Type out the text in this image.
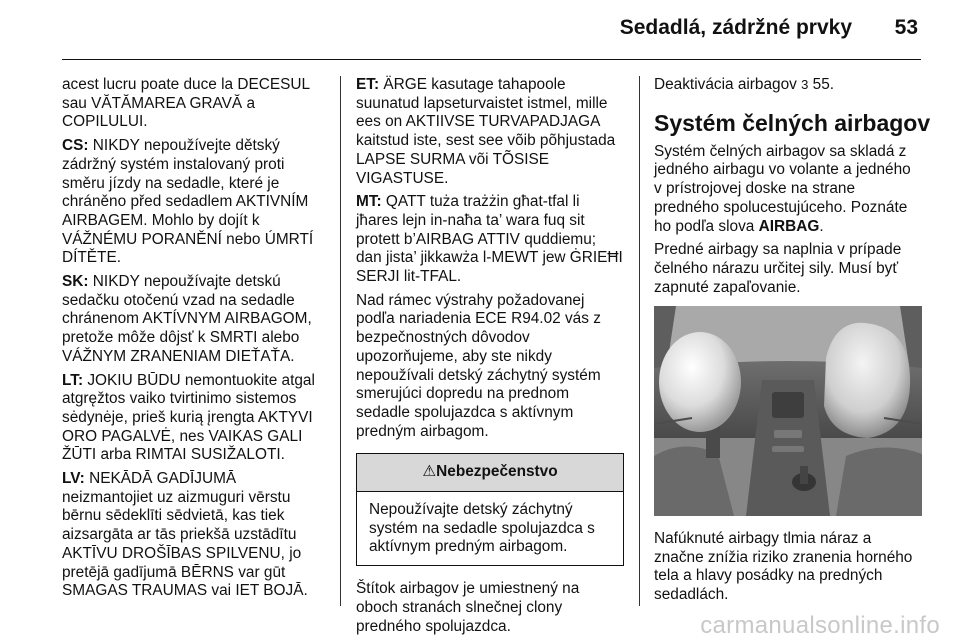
Sedadlá, zádržné prvky 53

acest lucru poate duce la DECESUL sau VĂTĂMAREA GRAVĂ a COPILULUI.

CS: NIKDY nepoužívejte dětský zádržný systém instalovaný proti směru jízdy na sedadle, které je chráněno před sedadlem AKTIVNÍM AIRBAGEM. Mohlo by dojít k VÁŽNÉMU PORANĚNÍ nebo ÚMRTÍ DÍTĚTE.

SK: NIKDY nepoužívajte detskú sedačku otočenú vzad na sedadle chránenom AKTÍVNYM AIRBAGOM, pretože môže dôjsť k SMRTI alebo VÁŽNYM ZRANENIAM DIEŤAŤA.

LT: JOKIU BŪDU nemontuokite atgal atgręžtos vaiko tvirtinimo sistemos sėdynėje, prieš kurią įrengta AKTYVI ORO PAGALVĖ, nes VAIKAS GALI ŽŪTI arba RIMTAI SUSIŽALOTI.

LV: NEKĀDĀ GADĪJUMĀ neizmantojiet uz aizmuguri vērstu bērnu sēdeklīti sēdvietā, kas tiek aizsargāta ar tās priekšā uzstādītu AKTĪVU DROŠĪBAS SPILVENU, jo pretējā gadījumā BĒRNS var gūt SMAGAS TRAUMAS vai IET BOJĀ.

ET: ÄRGE kasutage tahapoole suunatud lapseturvaistet istmel, mille ees on AKTIIVSE TURVAPADJAGA kaitstud iste, sest see võib põhjustada LAPSE SURMA või TÕSISE VIGASTUSE.

MT: QATT tuża trażżin għat-tfal li jħares lejn in-naħa ta’ wara fuq sit protett b’AIRBAG ATTIV quddiemu; dan jista’ jikkawża l-MEWT jew ĠRIEĦI SERJI lit-TFAL.

Nad rámec výstrahy požadovanej podľa nariadenia ECE R94.02 vás z bezpečnostných dôvodov upozorňujeme, aby ste nikdy nepoužívali detský záchytný systém smerujúci dopredu na prednom sedadle spolujazdca s aktívnym predným airbagom.

⚠Nebezpečenstvo
Nepoužívajte detský záchytný systém na sedadle spolujazdca s aktívnym predným airbagom.

Štítok airbagov je umiestnený na oboch stranách slnečnej clony predného spolujazdca.

Deaktivácia airbagov 3 55.

Systém čelných airbagov

Systém čelných airbagov sa skladá z jedného airbagu vo volante a jedného v prístrojovej doske na strane predného spolucestujúceho. Poznáte ho podľa slova AIRBAG.

Predné airbagy sa naplnia v prípade čelného nárazu určitej sily. Musí byť zapnuté zapaľovanie.

Nafúknuté airbagy tlmia náraz a značne znížia riziko zranenia horného tela a hlavy posádky na predných sedadlách.
carmanualsonline.info
